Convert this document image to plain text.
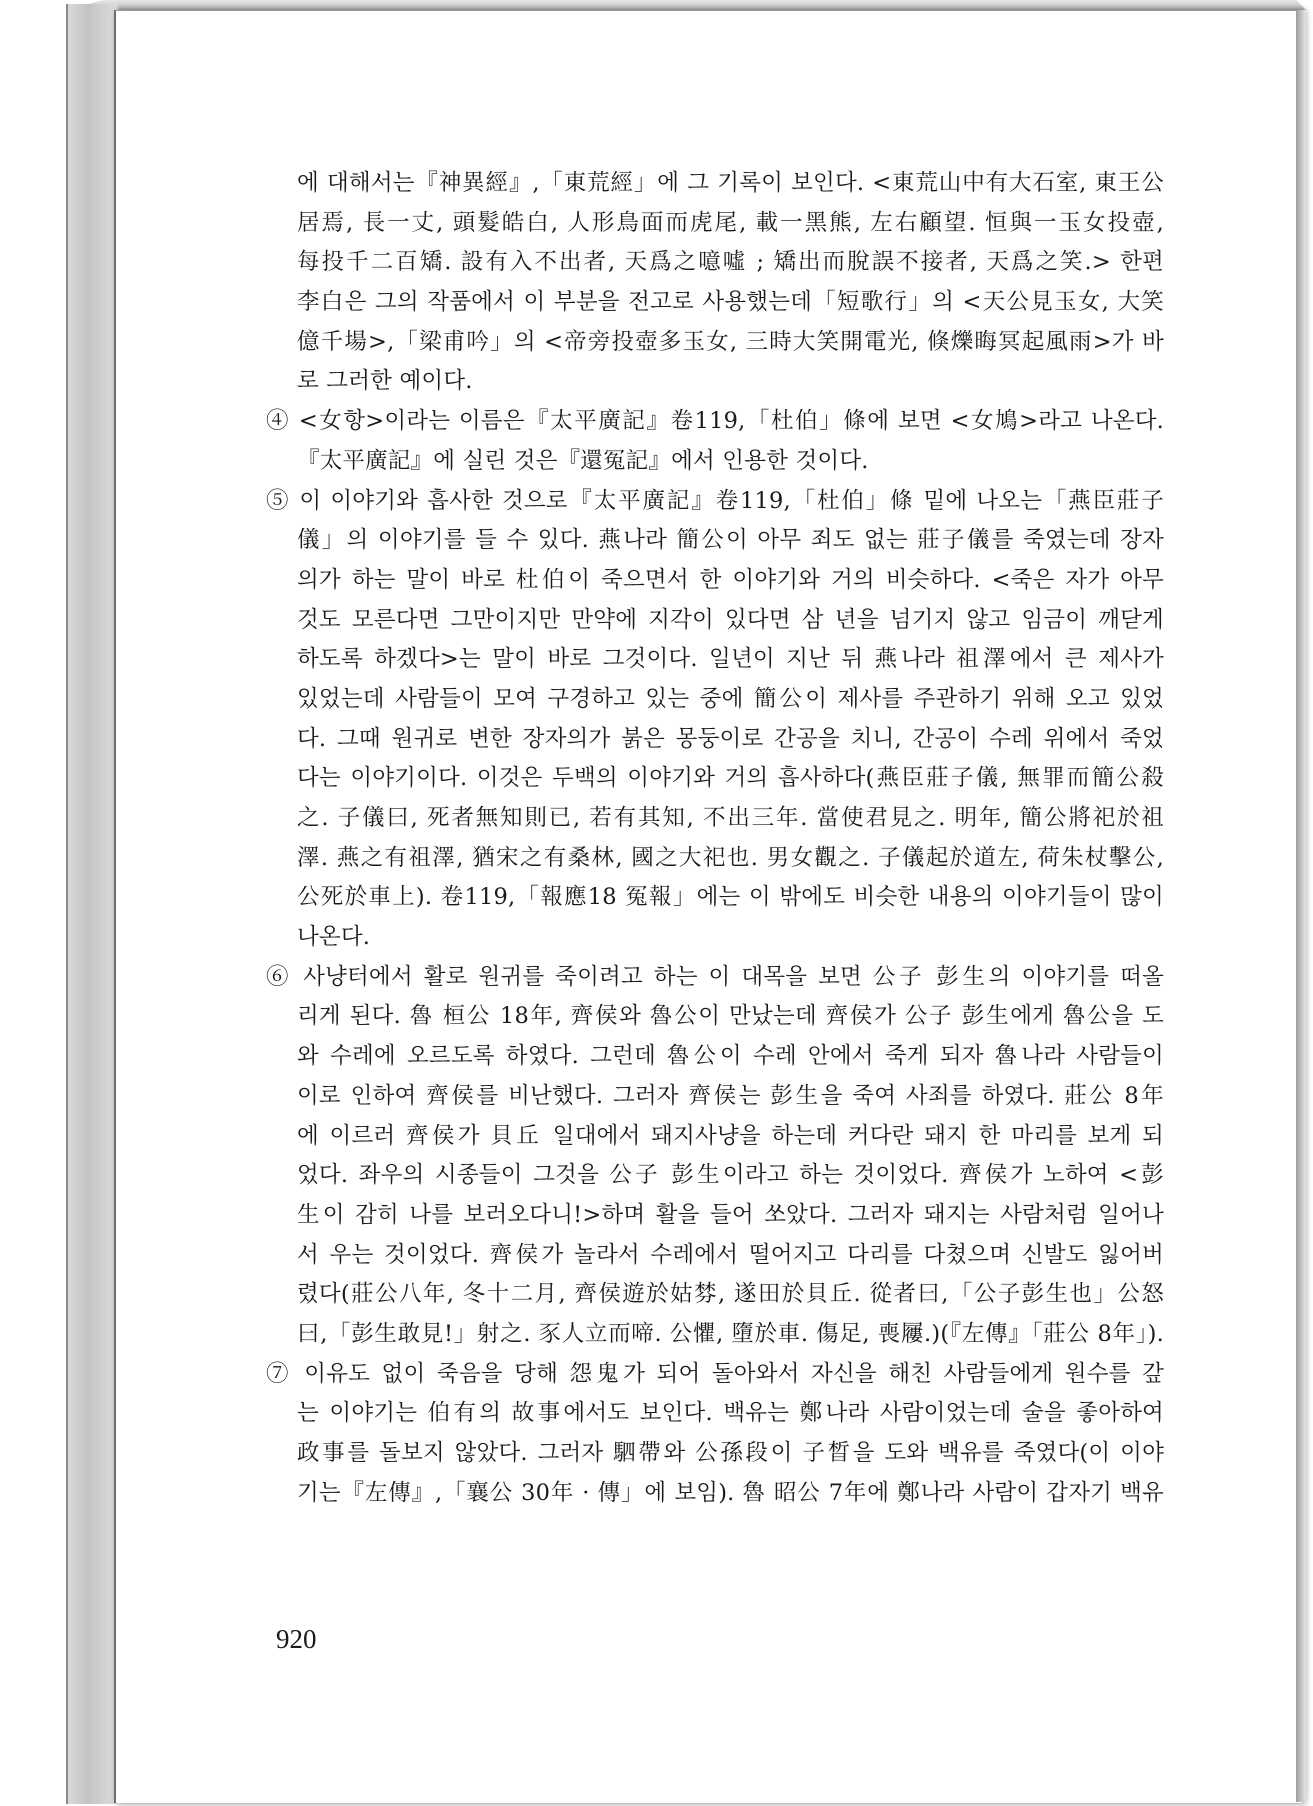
에 대해서는『神異經』,「東荒經」에 그 기록이 보인다. <東荒山中有大石室, 東王公
居焉, 長一丈, 頭髮皓白, 人形鳥面而虎尾, 載一黑熊, 左右顧望. 恒與一玉女投壺,
每投千二百矯. 設有入不出者, 天爲之噫噓 ; 矯出而脫誤不接者, 天爲之笑.> 한편
李白은 그의 작품에서 이 부분을 전고로 사용했는데「短歌行」의 <天公見玉女, 大笑
億千場>,「梁甫吟」의 <帝旁投壺多玉女, 三時大笑開電光, 倏爍晦冥起風雨>가 바
로 그러한 예이다.
④ <女항>이라는 이름은『太平廣記』卷119,「杜伯」條에 보면 <女鳩>라고 나온다.
『太平廣記』에 실린 것은『還冤記』에서 인용한 것이다.
⑤ 이 이야기와 흡사한 것으로『太平廣記』卷119,「杜伯」條 밑에 나오는「燕臣莊子
儀」의 이야기를 들 수 있다. 燕나라 簡公이 아무 죄도 없는 莊子儀를 죽였는데 장자
의가 하는 말이 바로 杜伯이 죽으면서 한 이야기와 거의 비슷하다. <죽은 자가 아무
것도 모른다면 그만이지만 만약에 지각이 있다면 삼 년을 넘기지 않고 임금이 깨닫게
하도록 하겠다>는 말이 바로 그것이다. 일년이 지난 뒤 燕나라 祖澤에서 큰 제사가
있었는데 사람들이 모여 구경하고 있는 중에 簡公이 제사를 주관하기 위해 오고 있었
다. 그때 원귀로 변한 장자의가 붉은 몽둥이로 간공을 치니, 간공이 수레 위에서 죽었
다는 이야기이다. 이것은 두백의 이야기와 거의 흡사하다(燕臣莊子儀, 無罪而簡公殺
之. 子儀曰, 死者無知則已, 若有其知, 不出三年. 當使君見之. 明年, 簡公將祀於祖
澤. 燕之有祖澤, 猶宋之有桑林, 國之大祀也. 男女觀之. 子儀起於道左, 荷朱杖擊公,
公死於車上). 卷119,「報應18 冤報」에는 이 밖에도 비슷한 내용의 이야기들이 많이
나온다.
⑥ 사냥터에서 활로 원귀를 죽이려고 하는 이 대목을 보면 公子 彭生의 이야기를 떠올
리게 된다. 魯 桓公 18年, 齊侯와 魯公이 만났는데 齊侯가 公子 彭生에게 魯公을 도
와 수레에 오르도록 하였다. 그런데 魯公이 수레 안에서 죽게 되자 魯나라 사람들이
이로 인하여 齊侯를 비난했다. 그러자 齊侯는 彭生을 죽여 사죄를 하였다. 莊公 8年
에 이르러 齊侯가 貝丘 일대에서 돼지사냥을 하는데 커다란 돼지 한 마리를 보게 되
었다. 좌우의 시종들이 그것을 公子 彭生이라고 하는 것이었다. 齊侯가 노하여 <彭
生이 감히 나를 보러오다니!>하며 활을 들어 쏘았다. 그러자 돼지는 사람처럼 일어나
서 우는 것이었다. 齊侯가 놀라서 수레에서 떨어지고 다리를 다쳤으며 신발도 잃어버
렸다(莊公八年, 冬十二月, 齊侯遊於姑棼, 遂田於貝丘. 從者曰,「公子彭生也」公怒
曰,「彭生敢見!」射之. 豕人立而啼. 公懼, 墮於車. 傷足, 喪屨.)(『左傳』「莊公 8年」).
⑦ 이유도 없이 죽음을 당해 怨鬼가 되어 돌아와서 자신을 해친 사람들에게 원수를 갚
는 이야기는 伯有의 故事에서도 보인다. 백유는 鄭나라 사람이었는데 술을 좋아하여
政事를 돌보지 않았다. 그러자 駟帶와 公孫段이 子晳을 도와 백유를 죽였다(이 이야
기는『左傳』,「襄公 30年 · 傳」에 보임). 魯 昭公 7年에 鄭나라 사람이 갑자기 백유
920
